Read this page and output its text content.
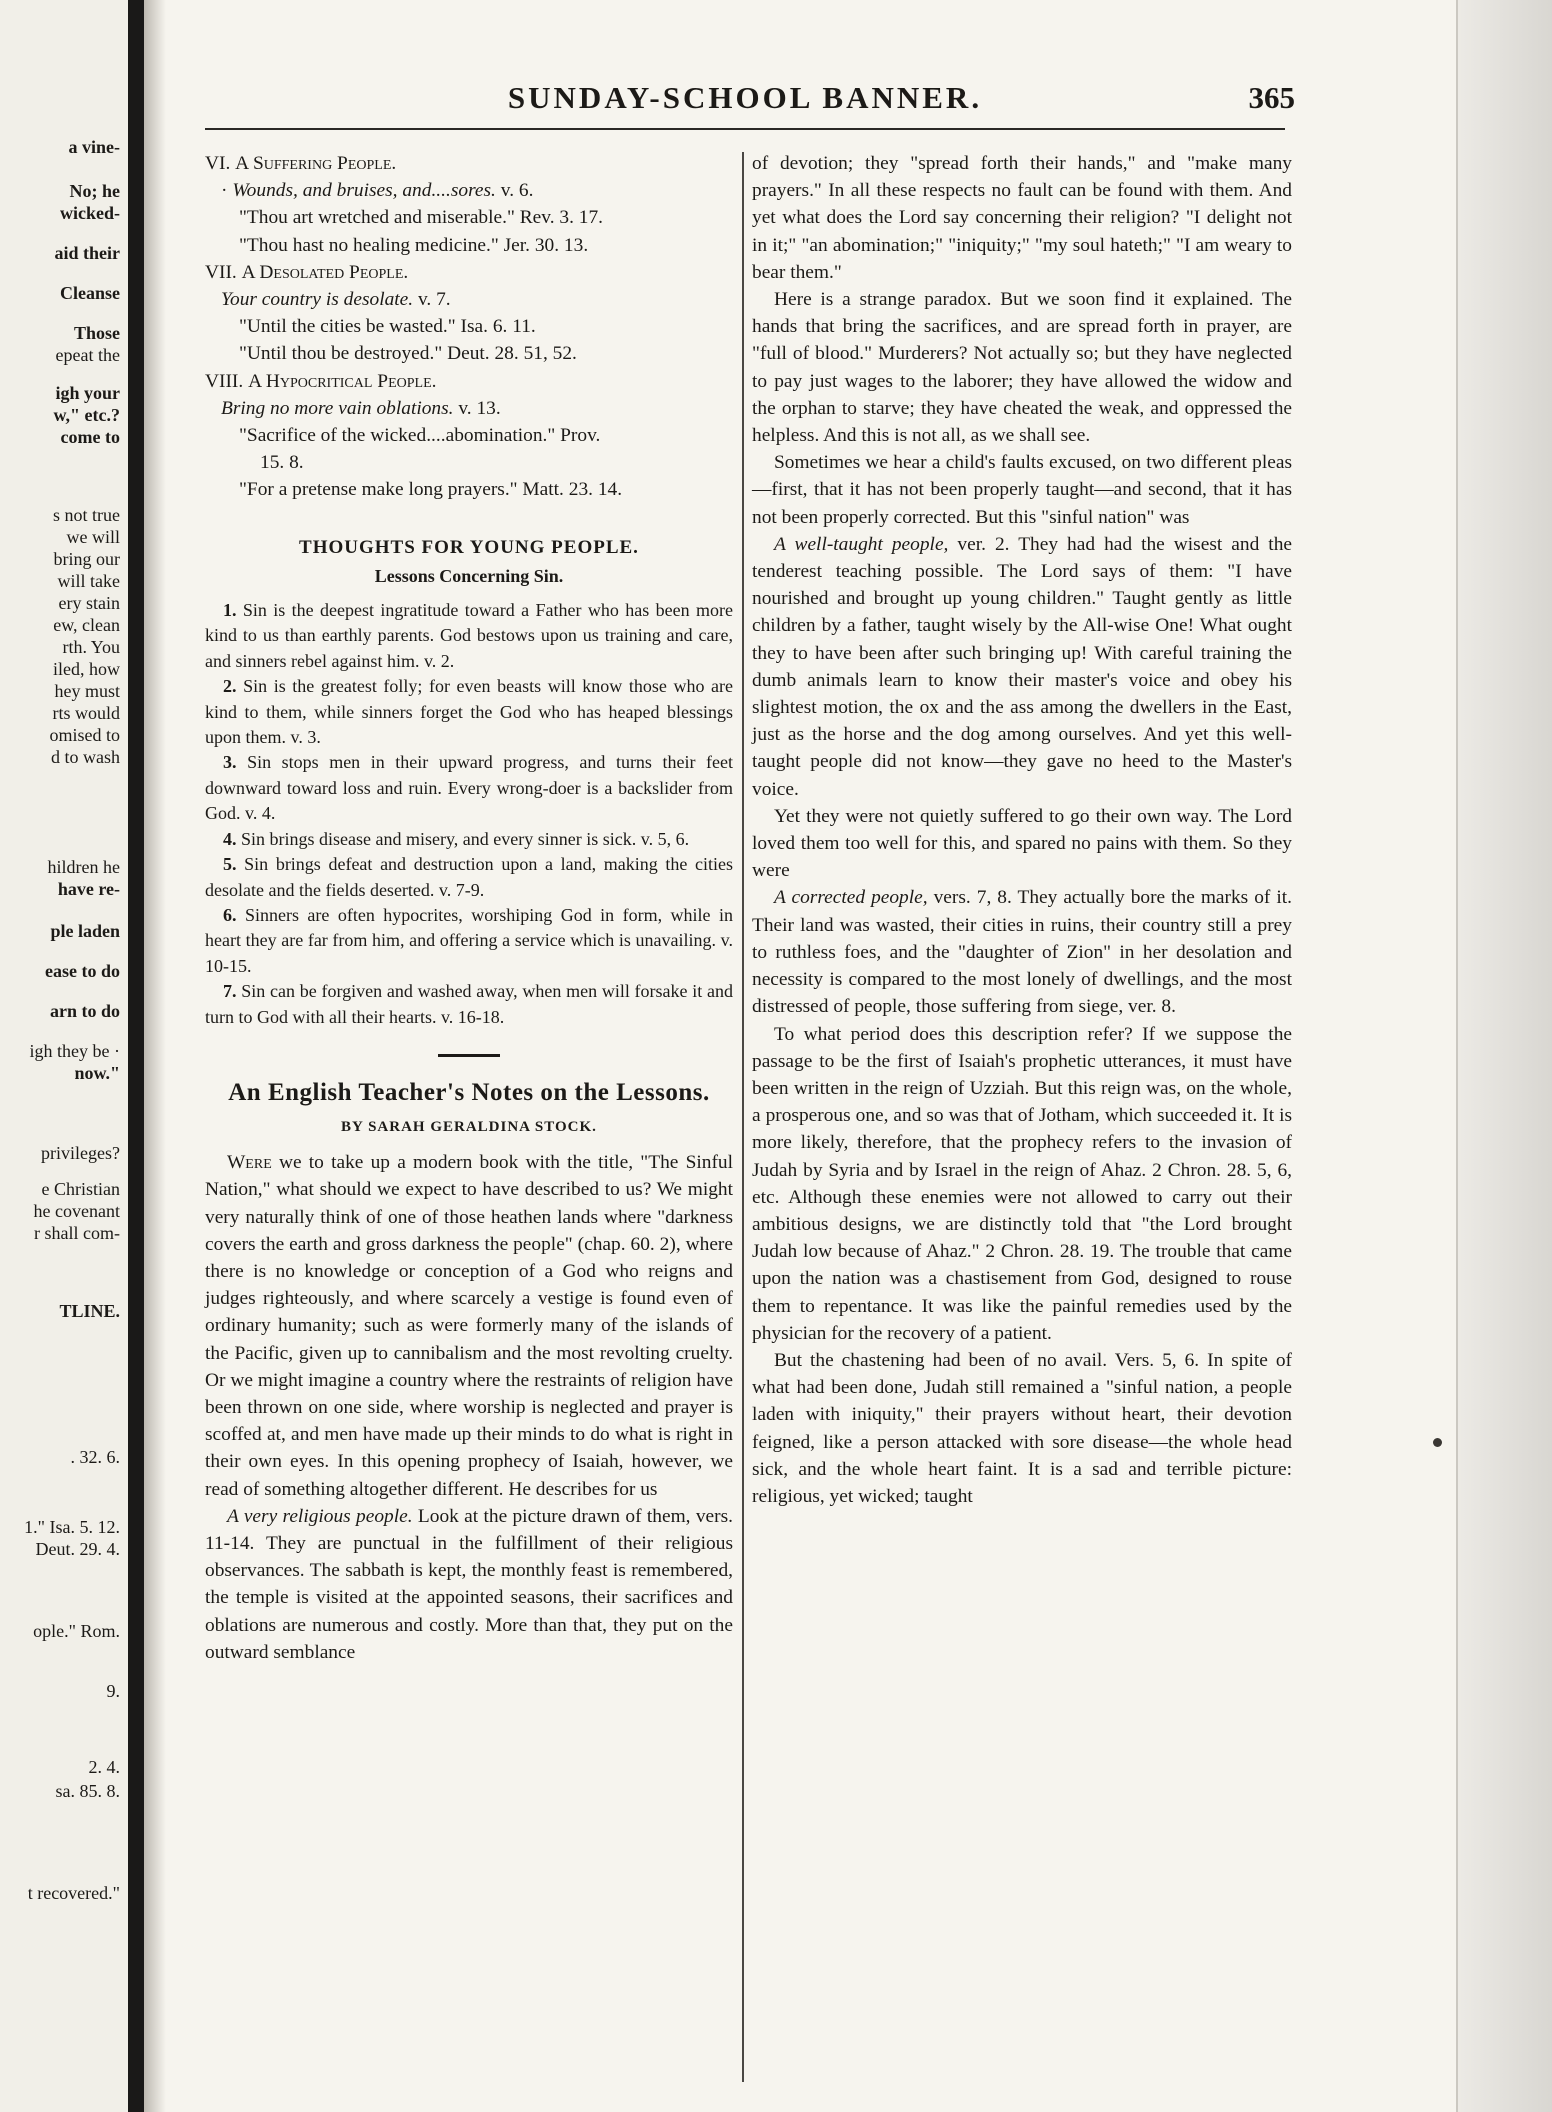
a vine-
No; he
wicked-
aid their
Cleanse
Those
epeat the
igh your
w," etc.?
come to
s not true
we will
bring our
will take
ery stain
ew, clean
rth. You
iled, how
hey must
rts would
omised to
d to wash
hildren he
have re-
ple laden
ease to do
arn to do
igh they be ·
now."
privileges?
e Christian
he covenant
r shall com-
TLINE.
. 32. 6.
1." Isa. 5. 12.
Deut. 29. 4.
ople." Rom.
9.
2. 4.
sa. 85. 8.
t recovered."
SUNDAY-SCHOOL BANNER.	365
VI. A Suffering People.
· Wounds, and bruises, and....sores. v. 6.
"Thou art wretched and miserable." Rev. 3. 17.
"Thou hast no healing medicine." Jer. 30. 13.
VII. A Desolated People.
Your country is desolate. v. 7.
"Until the cities be wasted." Isa. 6. 11.
"Until thou be destroyed." Deut. 28. 51, 52.
VIII. A Hypocritical People.
Bring no more vain oblations. v. 13.
"Sacrifice of the wicked....abomination." Prov.
15. 8.
"For a pretense make long prayers." Matt. 23. 14.
THOUGHTS FOR YOUNG PEOPLE.
Lessons Concerning Sin.

1. Sin is the deepest ingratitude toward a Father who has been more kind to us than earthly parents. God bestows upon us training and care, and sinners rebel against him. v. 2.

2. Sin is the greatest folly; for even beasts will know those who are kind to them, while sinners forget the God who has heaped blessings upon them. v. 3.

3. Sin stops men in their upward progress, and turns their feet downward toward loss and ruin. Every wrong-doer is a backslider from God. v. 4.

4. Sin brings disease and misery, and every sinner is sick. v. 5, 6.

5. Sin brings defeat and destruction upon a land, making the cities desolate and the fields deserted. v. 7-9.

6. Sinners are often hypocrites, worshiping God in form, while in heart they are far from him, and offering a service which is unavailing. v. 10-15.

7. Sin can be forgiven and washed away, when men will forsake it and turn to God with all their hearts. v. 16-18.

An English Teacher's Notes on the Lessons.
BY SARAH GERALDINA STOCK.

Were we to take up a modern book with the title, "The Sinful Nation," what should we expect to have described to us? We might very naturally think of one of those heathen lands where "darkness covers the earth and gross darkness the people" (chap. 60. 2), where there is no knowledge or conception of a God who reigns and judges righteously, and where scarcely a vestige is found even of ordinary humanity; such as were formerly many of the islands of the Pacific, given up to cannibalism and the most revolting cruelty. Or we might imagine a country where the restraints of religion have been thrown on one side, where worship is neglected and prayer is scoffed at, and men have made up their minds to do what is right in their own eyes. In this opening prophecy of Isaiah, however, we read of something altogether different. He describes for us

A very religious people. Look at the picture drawn of them, vers. 11-14. They are punctual in the fulfillment of their religious observances. The sabbath is kept, the monthly feast is remembered, the temple is visited at the appointed seasons, their sacrifices and oblations are numerous and costly. More than that, they put on the outward semblance

of devotion; they "spread forth their hands," and "make many prayers." In all these respects no fault can be found with them. And yet what does the Lord say concerning their religion? "I delight not in it;" "an abomination;" "iniquity;" "my soul hateth;" "I am weary to bear them."

Here is a strange paradox. But we soon find it explained. The hands that bring the sacrifices, and are spread forth in prayer, are "full of blood." Murderers? Not actually so; but they have neglected to pay just wages to the laborer; they have allowed the widow and the orphan to starve; they have cheated the weak, and oppressed the helpless. And this is not all, as we shall see.

Sometimes we hear a child's faults excused, on two different pleas—first, that it has not been properly taught—and second, that it has not been properly corrected. But this "sinful nation" was

A well-taught people, ver. 2. They had had the wisest and the tenderest teaching possible. The Lord says of them: "I have nourished and brought up young children." Taught gently as little children by a father, taught wisely by the All-wise One! What ought they to have been after such bringing up! With careful training the dumb animals learn to know their master's voice and obey his slightest motion, the ox and the ass among the dwellers in the East, just as the horse and the dog among ourselves. And yet this well-taught people did not know—they gave no heed to the Master's voice.

Yet they were not quietly suffered to go their own way. The Lord loved them too well for this, and spared no pains with them. So they were

A corrected people, vers. 7, 8. They actually bore the marks of it. Their land was wasted, their cities in ruins, their country still a prey to ruthless foes, and the "daughter of Zion" in her desolation and necessity is compared to the most lonely of dwellings, and the most distressed of people, those suffering from siege, ver. 8.

To what period does this description refer? If we suppose the passage to be the first of Isaiah's prophetic utterances, it must have been written in the reign of Uzziah. But this reign was, on the whole, a prosperous one, and so was that of Jotham, which succeeded it. It is more likely, therefore, that the prophecy refers to the invasion of Judah by Syria and by Israel in the reign of Ahaz. 2 Chron. 28. 5, 6, etc. Although these enemies were not allowed to carry out their ambitious designs, we are distinctly told that "the Lord brought Judah low because of Ahaz." 2 Chron. 28. 19. The trouble that came upon the nation was a chastisement from God, designed to rouse them to repentance. It was like the painful remedies used by the physician for the recovery of a patient.

But the chastening had been of no avail. Vers. 5, 6. In spite of what had been done, Judah still remained a "sinful nation, a people laden with iniquity," their prayers without heart, their devotion feigned, like a person attacked with sore disease—the whole head sick, and the whole heart faint. It is a sad and terrible picture: religious, yet wicked; taught
